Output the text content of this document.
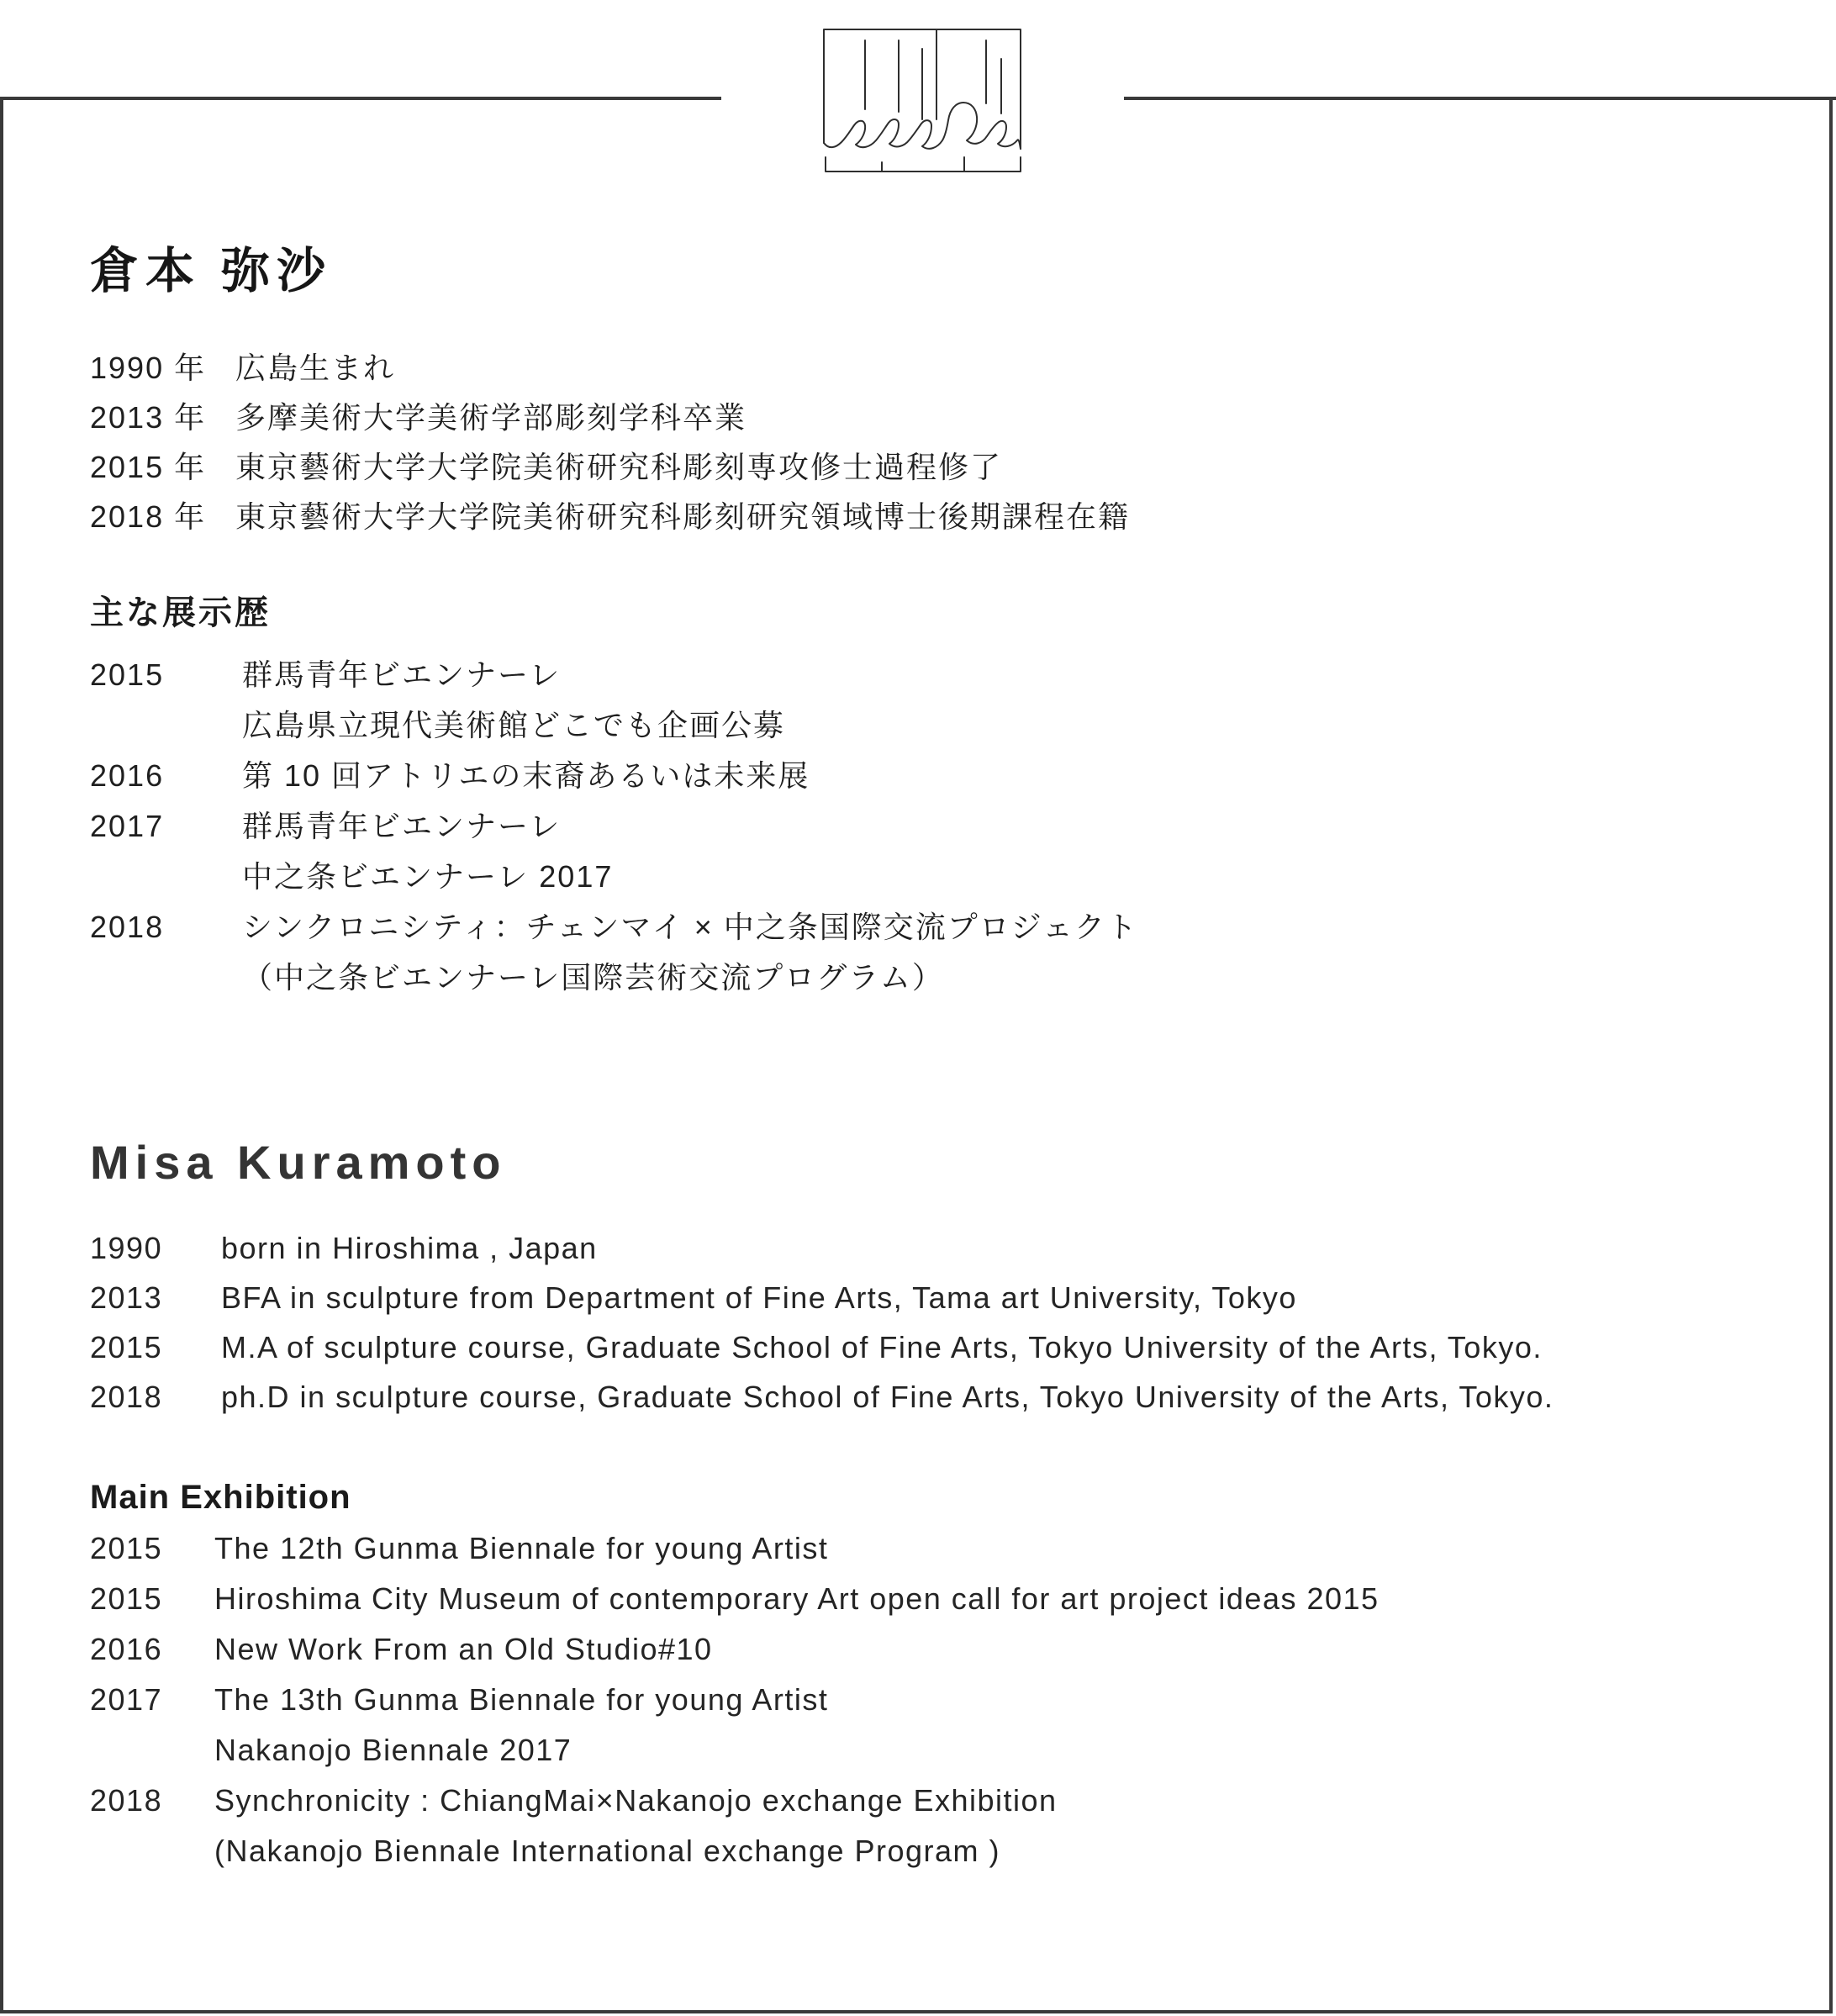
倉本 弥沙
1990 年 広島生まれ
2013 年 多摩美術大学美術学部彫刻学科卒業
2015 年 東京藝術大学大学院美術研究科彫刻専攻修士過程修了
2018 年 東京藝術大学大学院美術研究科彫刻研究領域博士後期課程在籍
主な展示歴
2015	群馬青年ビエンナーレ
広島県立現代美術館どこでも企画公募
2016	第 10 回アトリエの末裔あるいは未来展
2017	群馬青年ビエンナーレ
中之条ビエンナーレ 2017
2018	シンクロニシティ：チェンマイ × 中之条国際交流プロジェクト
（中之条ビエンナーレ国際芸術交流プログラム）
Misa Kuramoto
1990	born in Hiroshima , Japan
2013	BFA in sculpture from Department of Fine Arts, Tama art University, Tokyo
2015	M.A of sculpture course, Graduate School of Fine Arts, Tokyo University of the Arts, Tokyo.
2018	ph.D in sculpture course, Graduate School of Fine Arts, Tokyo University of the Arts, Tokyo.
Main Exhibition
2015	The 12th Gunma Biennale for young Artist
2015	Hiroshima City Museum of contemporary Art open call for art project ideas 2015
2016	New Work From an Old Studio#10
2017	The 13th Gunma Biennale for young Artist
Nakanojo Biennale 2017
2018	Synchronicity : ChiangMai×Nakanojo exchange Exhibition
(Nakanojo Biennale International exchange Program )
